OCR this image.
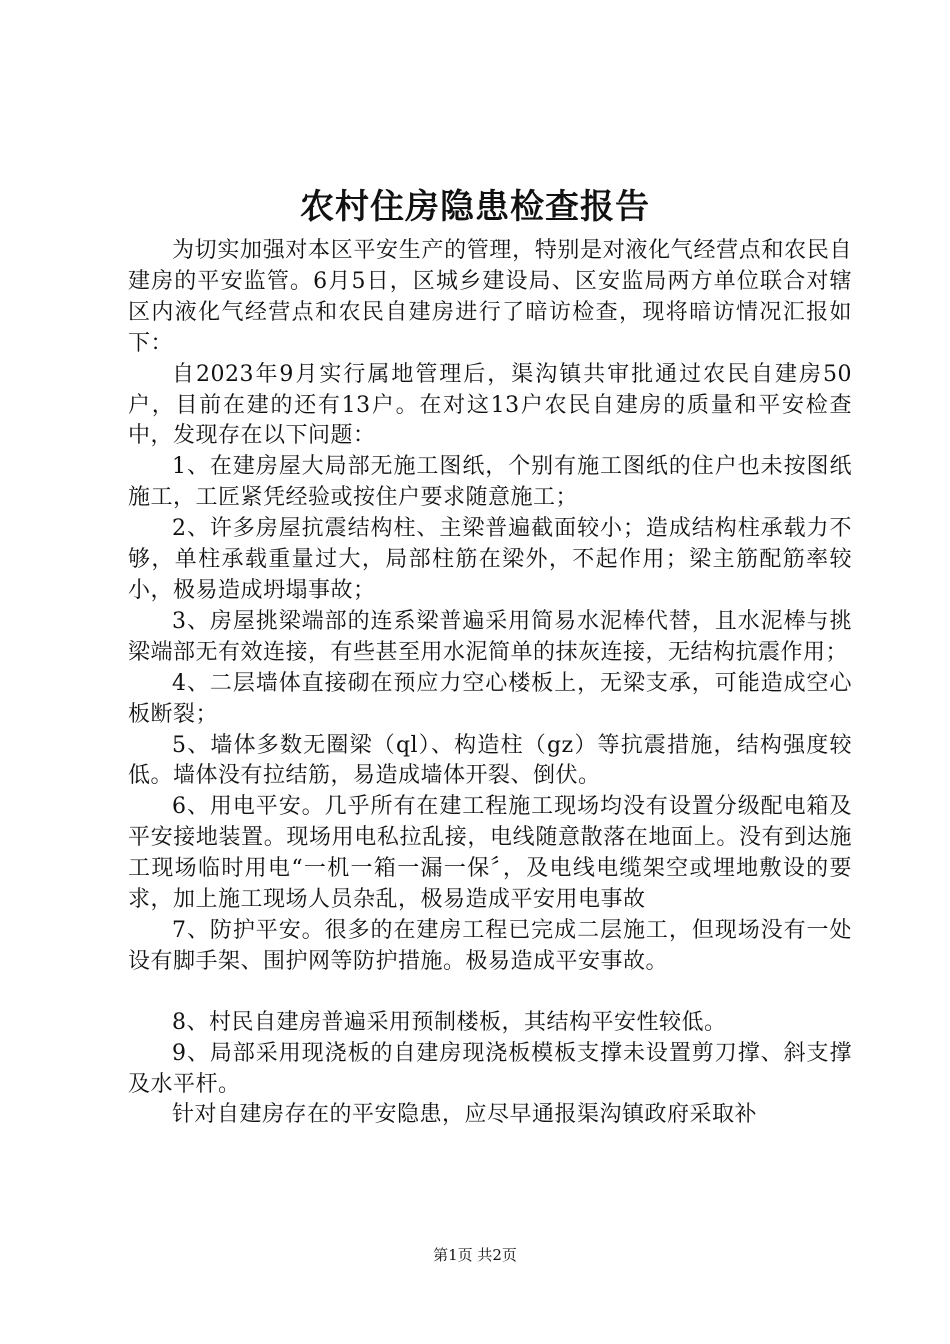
农村住房隐患检查报告

为切实加强对本区平安生产的管理，特别是对液化气经营点和农民自建房的平安监管。6月5日，区城乡建设局、区安监局两方单位联合对辖区内液化气经营点和农民自建房进行了暗访检查，现将暗访情况汇报如下：

自2023年9月实行属地管理后，渠沟镇共审批通过农民自建房50户，目前在建的还有13户。在对这13户农民自建房的质量和平安检查中，发现存在以下问题：

1、在建房屋大局部无施工图纸，个别有施工图纸的住户也未按图纸施工，工匠紧凭经验或按住户要求随意施工；

2、许多房屋抗震结构柱、主梁普遍截面较小；造成结构柱承载力不够，单柱承载重量过大，局部柱筋在梁外，不起作用；梁主筋配筋率较小，极易造成坍塌事故；

3、房屋挑梁端部的连系梁普遍采用简易水泥棒代替，且水泥棒与挑梁端部无有效连接，有些甚至用水泥简单的抹灰连接，无结构抗震作用；

4、二层墙体直接砌在预应力空心楼板上，无梁支承，可能造成空心板断裂；

5、墙体多数无圈梁（ql）、构造柱（gz）等抗震措施，结构强度较低。墙体没有拉结筋，易造成墙体开裂、倒伏。

6、用电平安。几乎所有在建工程施工现场均没有设置分级配电箱及平安接地装置。现场用电私拉乱接，电线随意散落在地面上。没有到达施工现场临时用电“一机一箱一漏一保〞，及电线电缆架空或埋地敷设的要求，加上施工现场人员杂乱，极易造成平安用电事故

7、防护平安。很多的在建房工程已完成二层施工，但现场没有一处设有脚手架、围护网等防护措施。极易造成平安事故。

8、村民自建房普遍采用预制楼板，其结构平安性较低。

9、局部采用现浇板的自建房现浇板模板支撑未设置剪刀撑、斜支撑及水平杆。

针对自建房存在的平安隐患，应尽早通报渠沟镇政府采取补

第1页 共2页
